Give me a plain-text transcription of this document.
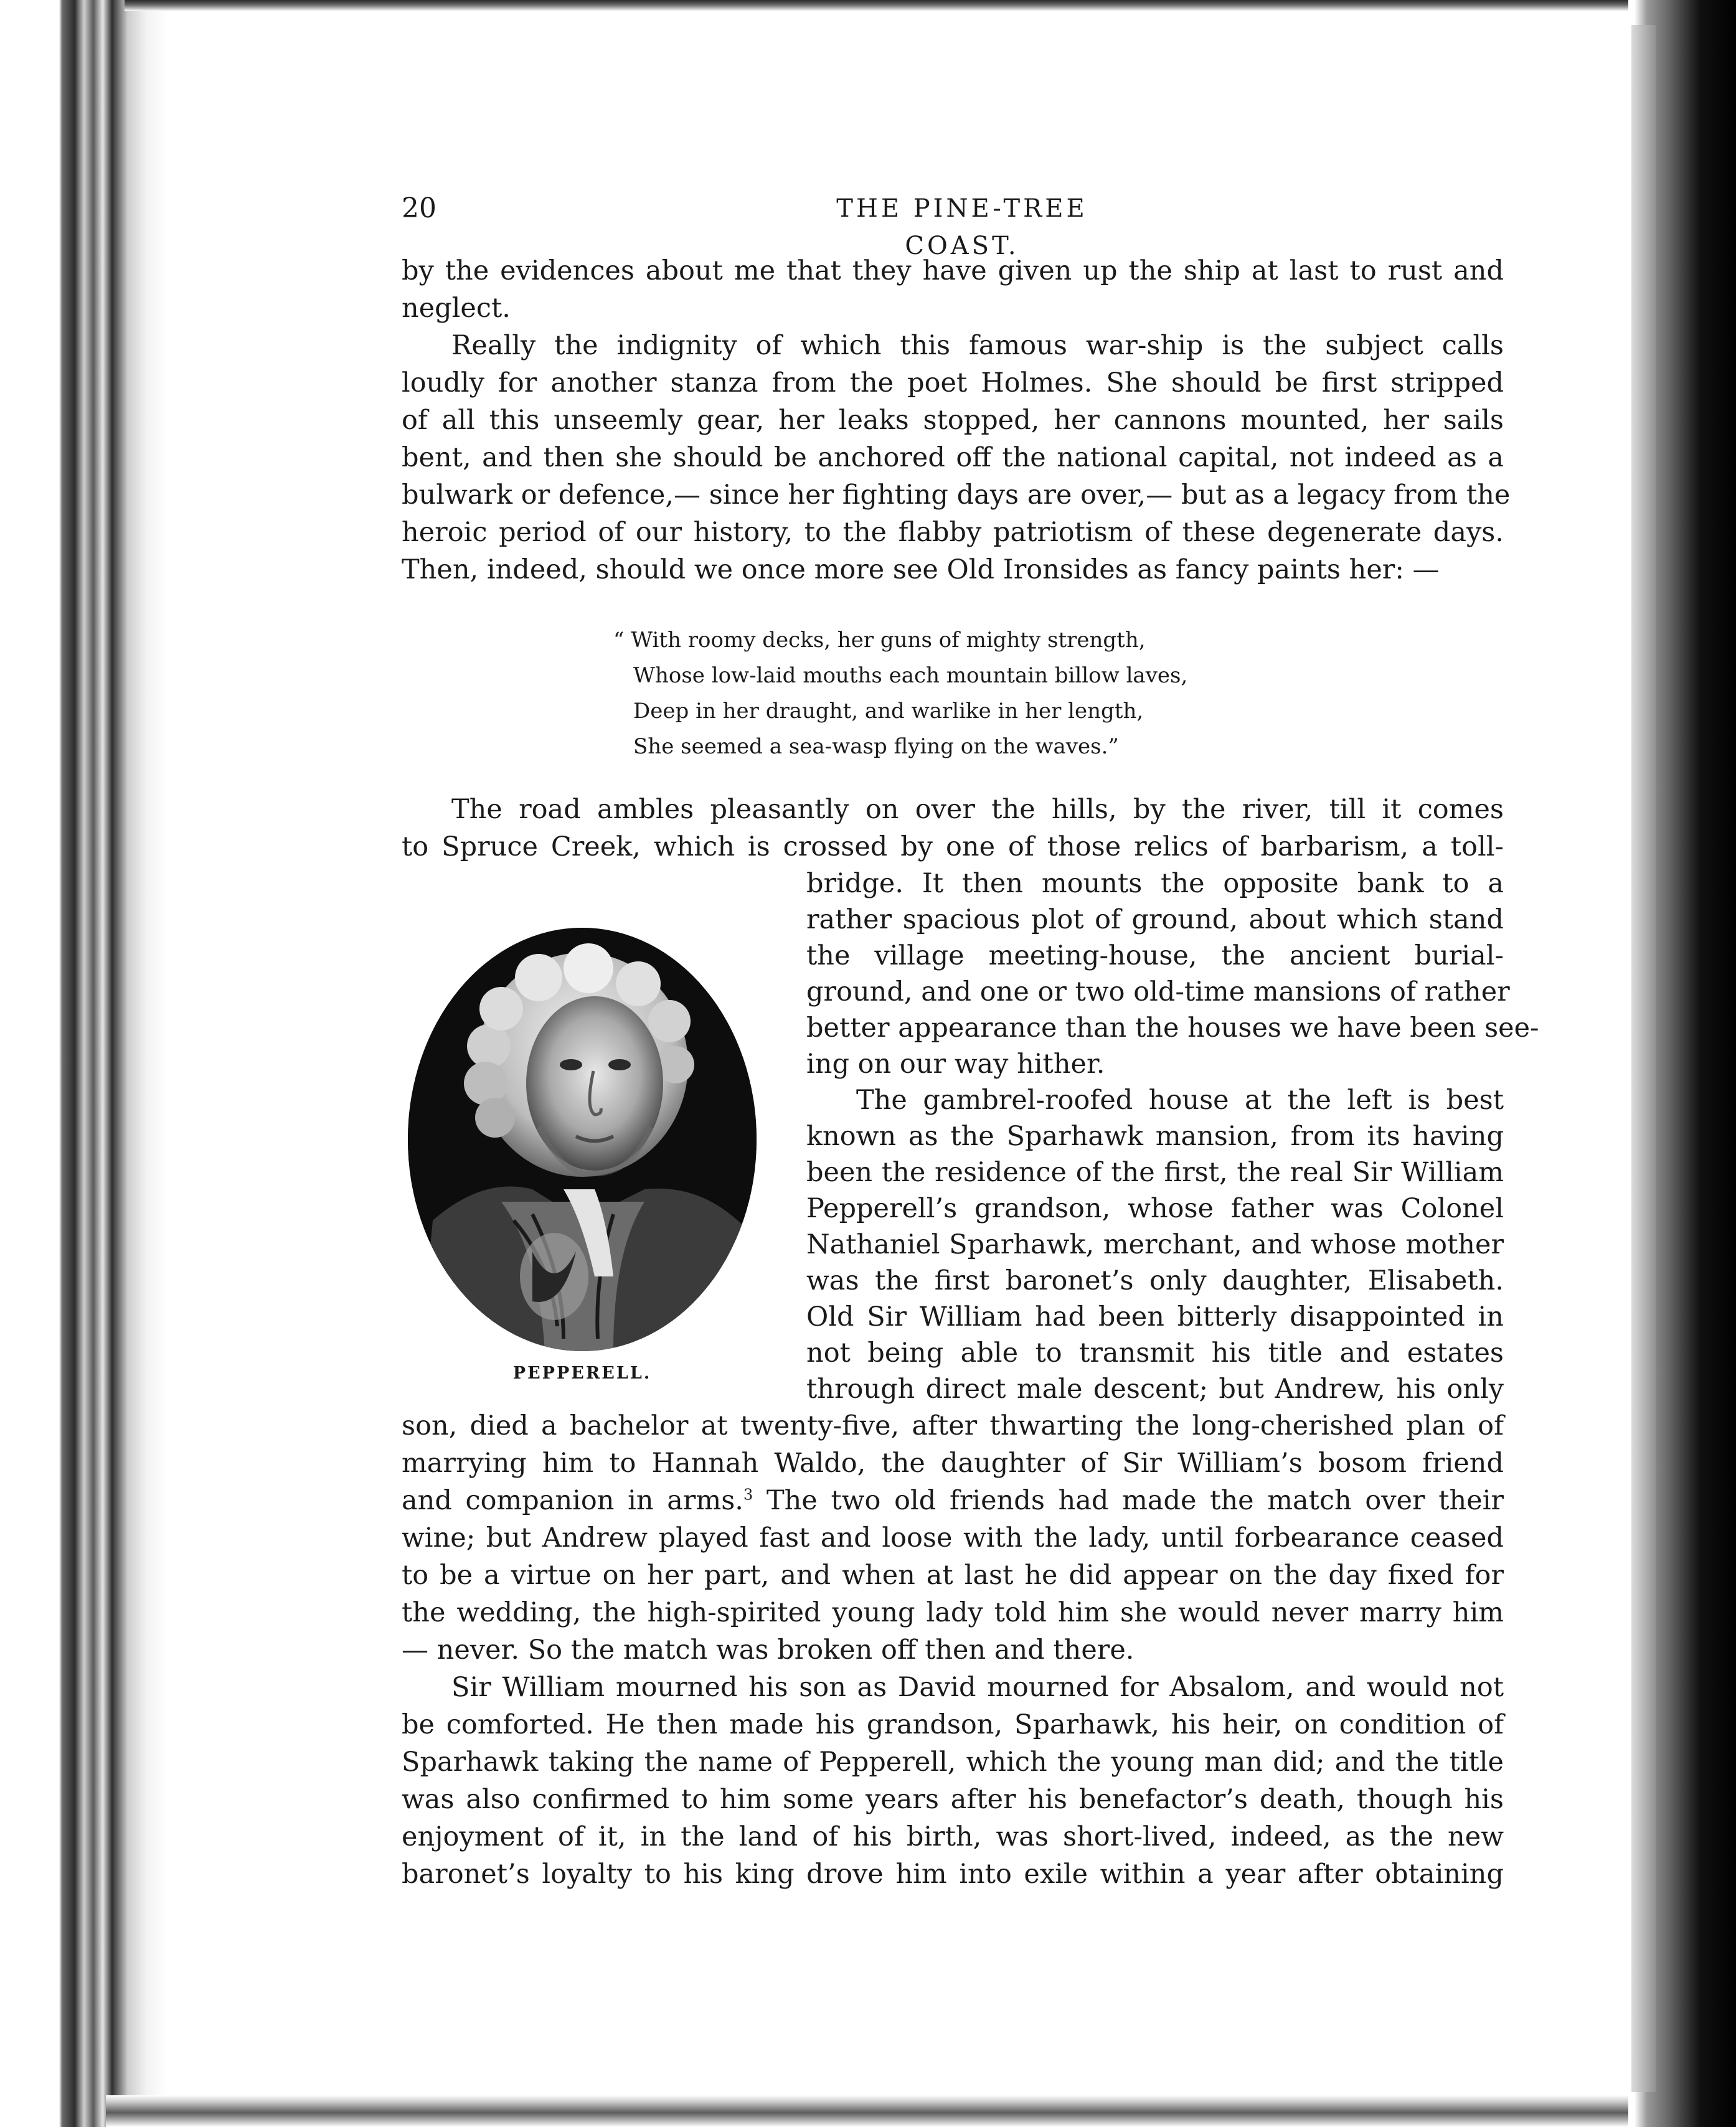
20	THE PINE-TREE COAST.

by the evidences about me that they have given up the ship at last to rust and
neglect.

Really the indignity of which this famous war-ship is the subject calls
loudly for another stanza from the poet Holmes. She should be first stripped
of all this unseemly gear, her leaks stopped, her cannons mounted, her sails
bent, and then she should be anchored off the national capital, not indeed as a
bulwark or defence,— since her fighting days are over,— but as a legacy from the
heroic period of our history, to the flabby patriotism of these degenerate days.
Then, indeed, should we once more see Old Ironsides as fancy paints her: —

“ With roomy decks, her guns of mighty strength,
Whose low-laid mouths each mountain billow laves,
Deep in her draught, and warlike in her length,
She seemed a sea-wasp flying on the waves.”
The road ambles pleasantly on over the hills, by the river, till it comes
to Spruce Creek, which is crossed by one of those relics of barbarism, a toll-
PEPPERELL.
bridge. It then mounts the opposite bank to a
rather spacious plot of ground, about which stand
the village meeting-house, the ancient burial-
ground, and one or two old-time mansions of rather
better appearance than the houses we have been see-
ing on our way hither.
The gambrel-roofed house at the left is best
known as the Sparhawk mansion, from its having
been the residence of the first, the real Sir William
Pepperell’s grandson, whose father was Colonel
Nathaniel Sparhawk, merchant, and whose mother
was the first baronet’s only daughter, Elisabeth.
Old Sir William had been bitterly disappointed in
not being able to transmit his title and estates
through direct male descent; but Andrew, his only

son, died a bachelor at twenty-five, after thwarting the long-cherished plan of
marrying him to Hannah Waldo, the daughter of Sir William’s bosom friend
and companion in arms.$^3$ The two old friends had made the match over their
wine; but Andrew played fast and loose with the lady, until forbearance ceased
to be a virtue on her part, and when at last he did appear on the day fixed for
the wedding, the high-spirited young lady told him she would never marry him
— never. So the match was broken off then and there.

Sir William mourned his son as David mourned for Absalom, and would not
be comforted. He then made his grandson, Sparhawk, his heir, on condition of
Sparhawk taking the name of Pepperell, which the young man did; and the title
was also confirmed to him some years after his benefactor’s death, though his
enjoyment of it, in the land of his birth, was short-lived, indeed, as the new
baronet’s loyalty to his king drove him into exile within a year after obtaining
